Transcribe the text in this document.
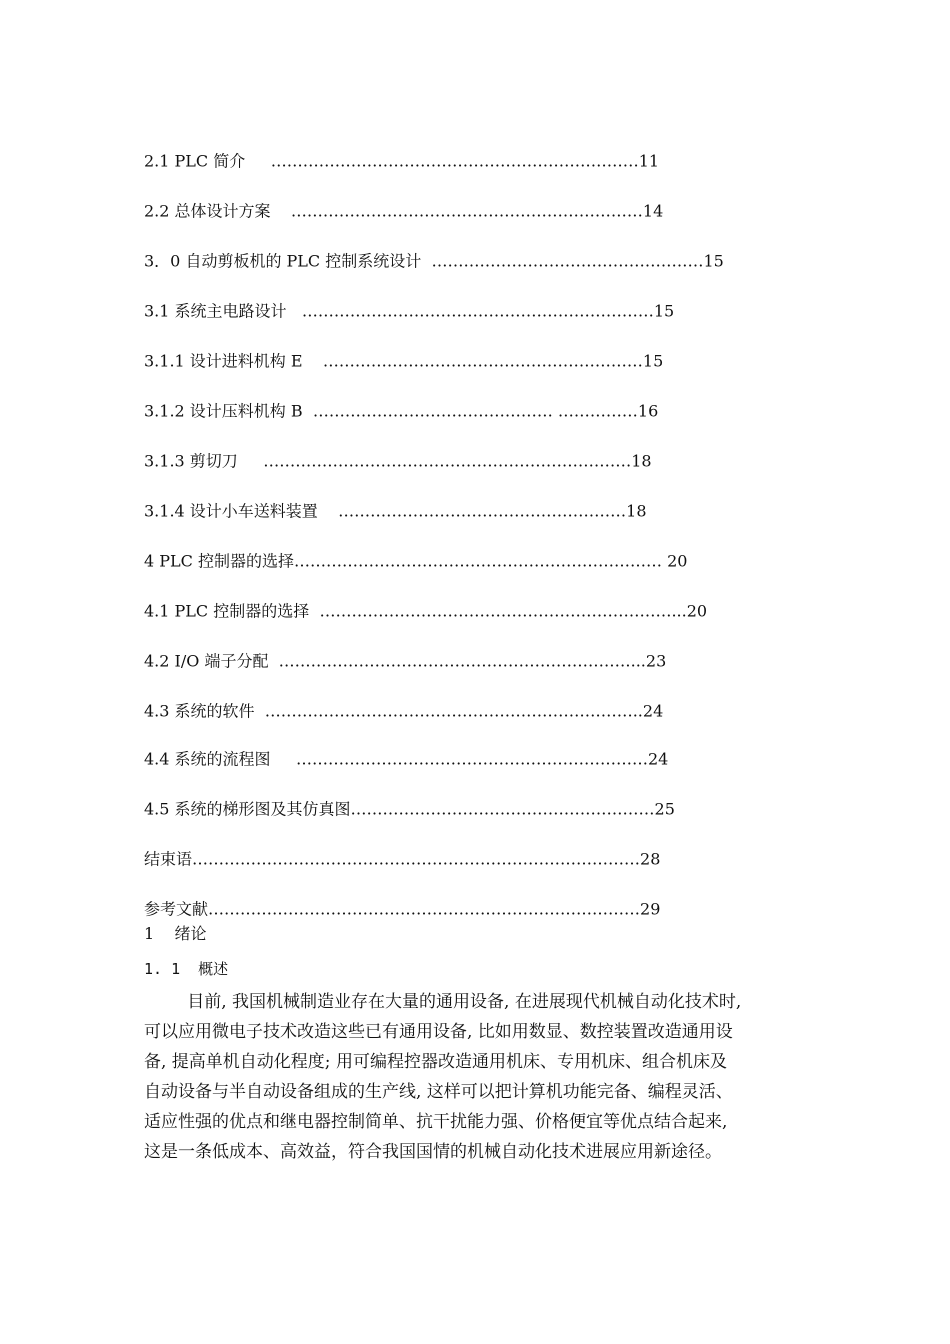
2.1 PLC 简介 ……………………………………………………………11
2.2 总体设计方案 …………………………………………………………14
3．0 自动剪板机的 PLC 控制系统设计 ……………………………………………15
3.1 系统主电路设计 …………………………………………………………15
3.1.1 设计进料机构 E ……………………………………………………15
3.1.2 设计压料机构 B ……………………………………… ……………16
3.1.3 剪切刀 ……………………………………………………………18
3.1.4 设计小车送料装置 ………………………………………………18
4 PLC 控制器的选择…………………………………………………………… 20
4.1 PLC 控制器的选择 …………………………………………………………...20
4.2 I/O 端子分配 …………………………………………………………...23
4.3 系统的软件 ……………………………………………………………..24
4.4 系统的流程图 …………………………………………………………24
4.5 系统的梯形图及其仿真图…………………………………………………25
结束语…………………………………………………………………………28
参考文献………………………………………………………………………29
1    绪论
1. 1  概述
目前, 我国机械制造业存在大量的通用设备, 在进展现代机械自动化技术时,
可以应用微电子技术改造这些已有通用设备, 比如用数显、数控装置改造通用设
备, 提高单机自动化程度; 用可编程控器改造通用机床、专用机床、组合机床及
自动设备与半自动设备组成的生产线, 这样可以把计算机功能完备、编程灵活、
适应性强的优点和继电器控制简单、抗干扰能力强、价格便宜等优点结合起来,
这是一条低成本、高效益，符合我国国情的机械自动化技术进展应用新途径。
